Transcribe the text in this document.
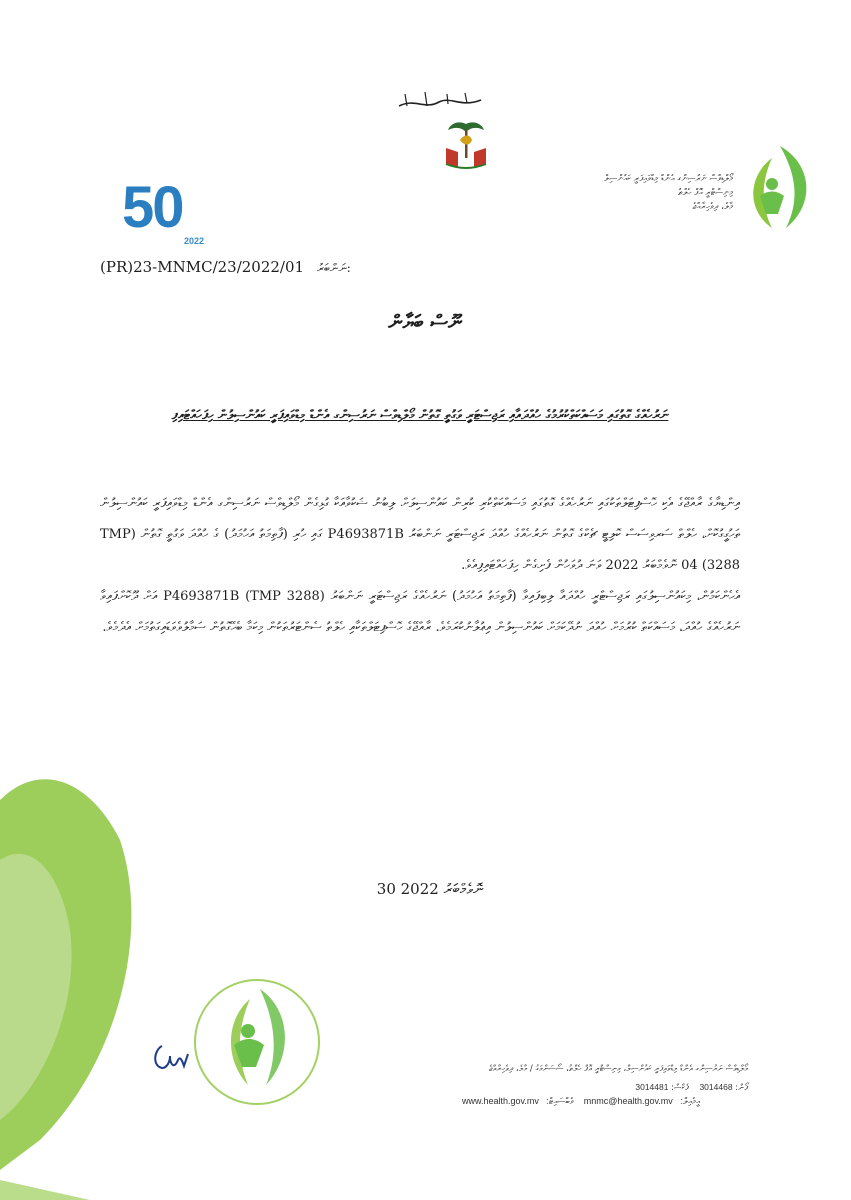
50
2022
މޯލްޑިވްސް ނަރުސިންގ އެންޑް މިޑްވައިފަރީ ކައުންސިލް
މިނިސްޓްރީ އޮފް ހެލްތު
މާލެ، ދިވެހިރާއްޖެ
(PR)23-MNMC/23/2022/01 ނަންބަރު:
ނޫސް ބަޔާން
ނަރުހެއްގެ ގޮތުގައި މަސައްކަތްކުރުމުގެ ހުއްދައާއި ރަޖިސްޓަރީ ވަގުތީ ގޮތުން މޯލްޑިވްސް ނަރުސިންގ އެންޑް މިޑްވައިފަރީ ކައުންސިލުން ހިފަހައްޓައިފި

އިންޑިޔާގެ ރާއްޖޭގެ އެކި ހޮސްޕިޓަލްތަކުގައި ނަރުހެއްގެ ގޮތުގައި މަސައްކަތްކުރި ކުރިން ކައުންސިލަށް ލިބުނު ޝަކުވާއަކާ ގުޅިގެން މޯލްޑިވްސް ނަރުސިންގ އެންޑް މިޑްވައިފަރީ ކައުންސިލުން ތަހުގީގުކޮށް، ހެލްތް ސަރވިސަސް ކޮލިޓީ ޗެކްގެ ގޮތުން ނަރުހެއްގެ ހުއްދަ ރަޖިސްޓަރީ ނަންބަރު P4693871B ގައި ހުރި (ފާތިމަތު އަހުމަދު) ގެ ހުއްދަ ވަގުތީ ގޮތުން (TMP 3288) 04 ނޮވެމްބަރު 2022 ވަނަ ދުވަހުން ފެށިގެން ހިފަހައްޓައިފިއެވެ.

އެހެންކަމުން، މިކައުންސިލުގައި ރަޖިސްޓްރީ ހުއްދައާ ލިބިފައިވާ (ފާތިމަތު އަހުމަދު) ނަރުހެއްގެ ރަޖިސްޓަރީ ނަންބަރު P4693871B (TMP 3288) އަށް ދޫކޮށްފައިވާ ނަރުހެއްގެ ހުއްދަ، މަސައްކަތް ކުރުމަށް ހުއްދަ ނުދޭކަމަށް ކައުންސިލުން އިޢުލާނުކުރަމެވެ. ރާއްޖޭގެ ހޮސްޕިޓަލްތަކާއި ހެލްތު ސެންޓަރުތަކުން މިކަމާ ބެހޭގޮތުން ސަމާލުވެވަޑައިގަތުމަށް އެދެމެވެ.

30 ނޮވެމްބަރު 2022
މޯލްޑިވްސް ނަރުސިންގ އެންޑް މިޑްވައިފަރީ ކައުންސިލް، މިނިސްޓްރީ އޮފް ހެލްތު، ސޯސަންމަގު / މާލެ، ދިވެހިރާއްޖެ
ފޯން: 3014468    ފެކްސް: 3014481
www.health.gov.mv ވެބްސައިޓް: mnmc@health.gov.mv އީމެއިލް:
